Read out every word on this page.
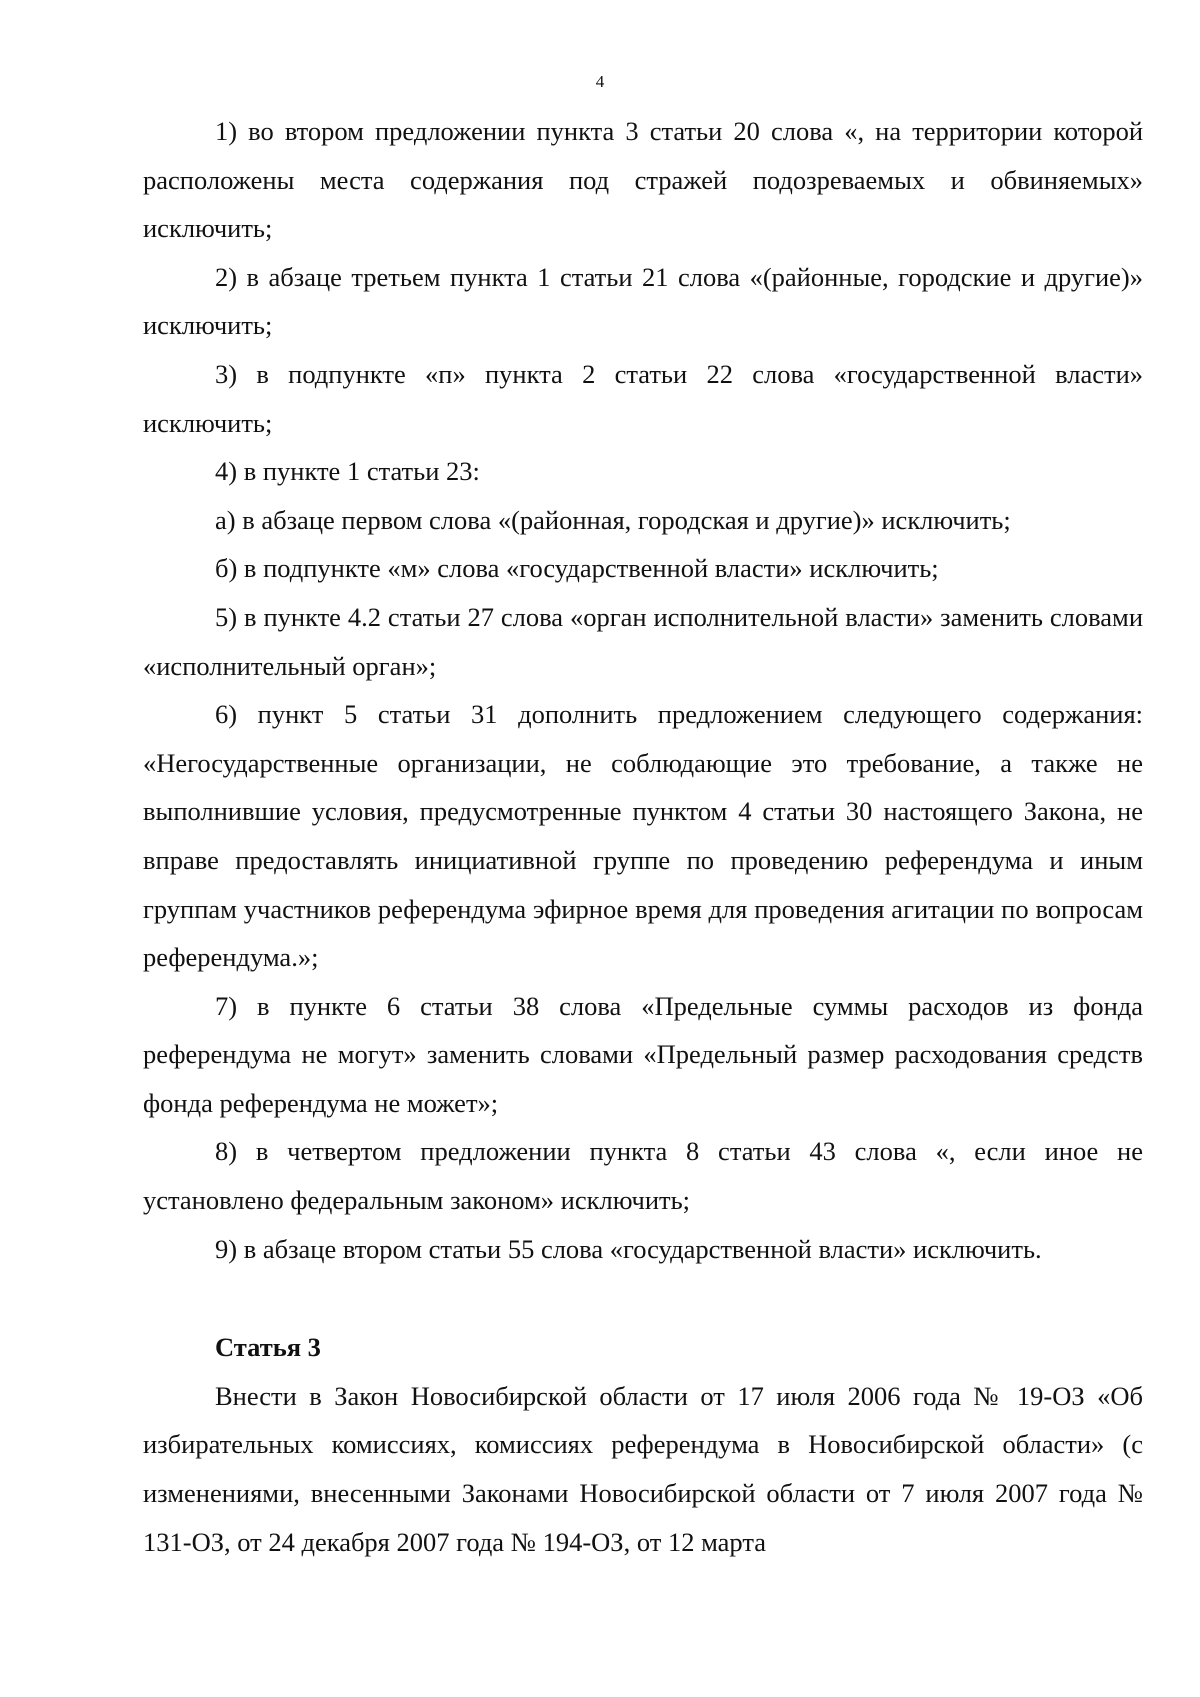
4

1) во втором предложении пункта 3 статьи 20 слова «, на территории которой расположены места содержания под стражей подозреваемых и обвиняемых» исключить;

2) в абзаце третьем пункта 1 статьи 21 слова «(районные, городские и другие)» исключить;

3) в подпункте «п» пункта 2 статьи 22 слова «государственной власти» исключить;

4) в пункте 1 статьи 23:

а) в абзаце первом слова «(районная, городская и другие)» исключить;

б) в подпункте «м» слова «государственной власти» исключить;

5) в пункте 4.2 статьи 27 слова «орган исполнительной власти» заменить словами «исполнительный орган»;

6) пункт 5 статьи 31 дополнить предложением следующего содержания: «Негосударственные организации, не соблюдающие это требование, а также не выполнившие условия, предусмотренные пунктом 4 статьи 30 настоящего Закона, не вправе предоставлять инициативной группе по проведению референдума и иным группам участников референдума эфирное время для проведения агитации по вопросам референдума.»;

7) в пункте 6 статьи 38 слова «Предельные суммы расходов из фонда референдума не могут» заменить словами «Предельный размер расходования средств фонда референдума не может»;

8) в четвертом предложении пункта 8 статьи 43 слова «, если иное не установлено федеральным законом» исключить;

9) в абзаце втором статьи 55 слова «государственной власти» исключить.

Статья 3

Внести в Закон Новосибирской области от 17 июля 2006 года № 19-ОЗ «Об избирательных комиссиях, комиссиях референдума в Новосибирской области» (с изменениями, внесенными Законами Новосибирской области от 7 июля 2007 года № 131-ОЗ, от 24 декабря 2007 года № 194-ОЗ, от 12 марта
